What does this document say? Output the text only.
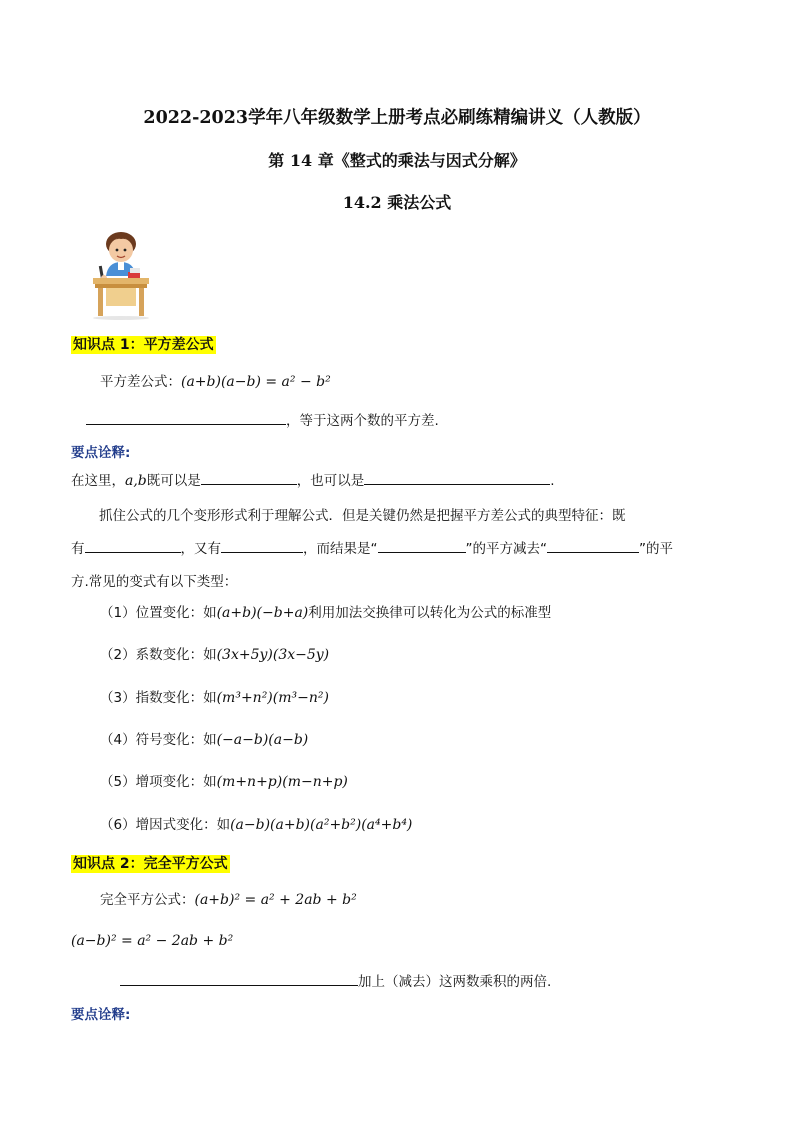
2022-2023学年八年级数学上册考点必刷练精编讲义（人教版）
第 14 章《整式的乘法与因式分解》
14.2 乘法公式
知识点 1：平方差公式
平方差公式：(a+b)(a−b) = a² − b²
，等于这两个数的平方差.
要点诠释:
在这里，a,b既可以是	，也可以是	.
抓住公式的几个变形形式利于理解公式．但是关键仍然是把握平方差公式的典型特征：既
有	，又有	，而结果是“	”的平方减去“	”的平
方.常见的变式有以下类型：
（1）位置变化：如(a+b)(−b+a)利用加法交换律可以转化为公式的标准型
（2）系数变化：如(3x+5y)(3x−5y)
（3）指数变化：如(m³+n²)(m³−n²)
（4）符号变化：如(−a−b)(a−b)
（5）增项变化：如(m+n+p)(m−n+p)
（6）增因式变化：如(a−b)(a+b)(a²+b²)(a⁴+b⁴)
知识点 2：完全平方公式
完全平方公式：(a+b)² = a² + 2ab + b²
(a−b)² = a² − 2ab + b²
加上（减去）这两数乘积的两倍.
要点诠释:
